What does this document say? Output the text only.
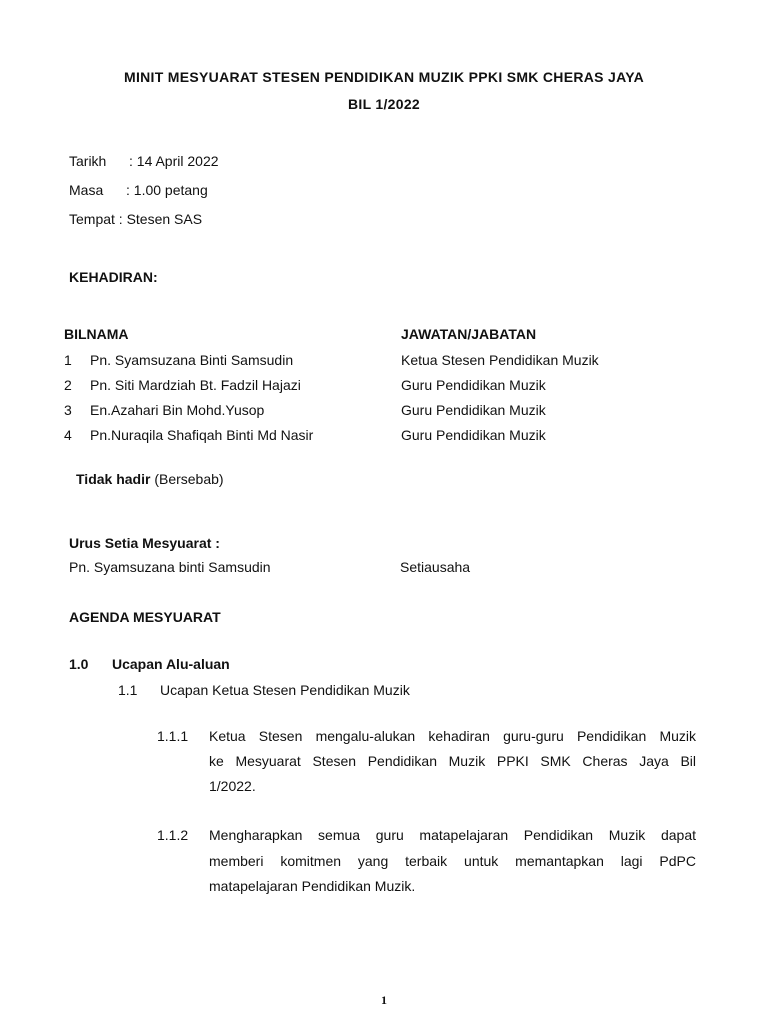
MINIT MESYUARAT STESEN PENDIDIKAN MUZIK PPKI SMK CHERAS JAYA
BIL 1/2022
Tarikh : 14 April 2022
Masa : 1.00 petang
Tempat : Stesen SAS
KEHADIRAN:
BILNAMA	JAWATAN/JABATAN
1 Pn. Syamsuzana Binti Samsudin	Ketua Stesen Pendidikan Muzik
2 Pn. Siti Mardziah Bt. Fadzil Hajazi	Guru Pendidikan Muzik
3 En.Azahari Bin Mohd.Yusop	Guru Pendidikan Muzik
4 Pn.Nuraqila Shafiqah Binti Md Nasir	Guru Pendidikan Muzik
Tidak hadir (Bersebab)
Urus Setia Mesyuarat :
Pn. Syamsuzana binti Samsudin	Setiausaha
AGENDA MESYUARAT
1.0 Ucapan Alu-aluan
1.1 Ucapan Ketua Stesen Pendidikan Muzik
1.1.1 Ketua Stesen mengalu-alukan kehadiran guru-guru Pendidikan Muzik
ke Mesyuarat Stesen Pendidikan Muzik PPKI SMK Cheras Jaya Bil
1/2022.
1.1.2 Mengharapkan semua guru matapelajaran Pendidikan Muzik dapat
memberi komitmen yang terbaik untuk memantapkan lagi PdPC
matapelajaran Pendidikan Muzik.
1
